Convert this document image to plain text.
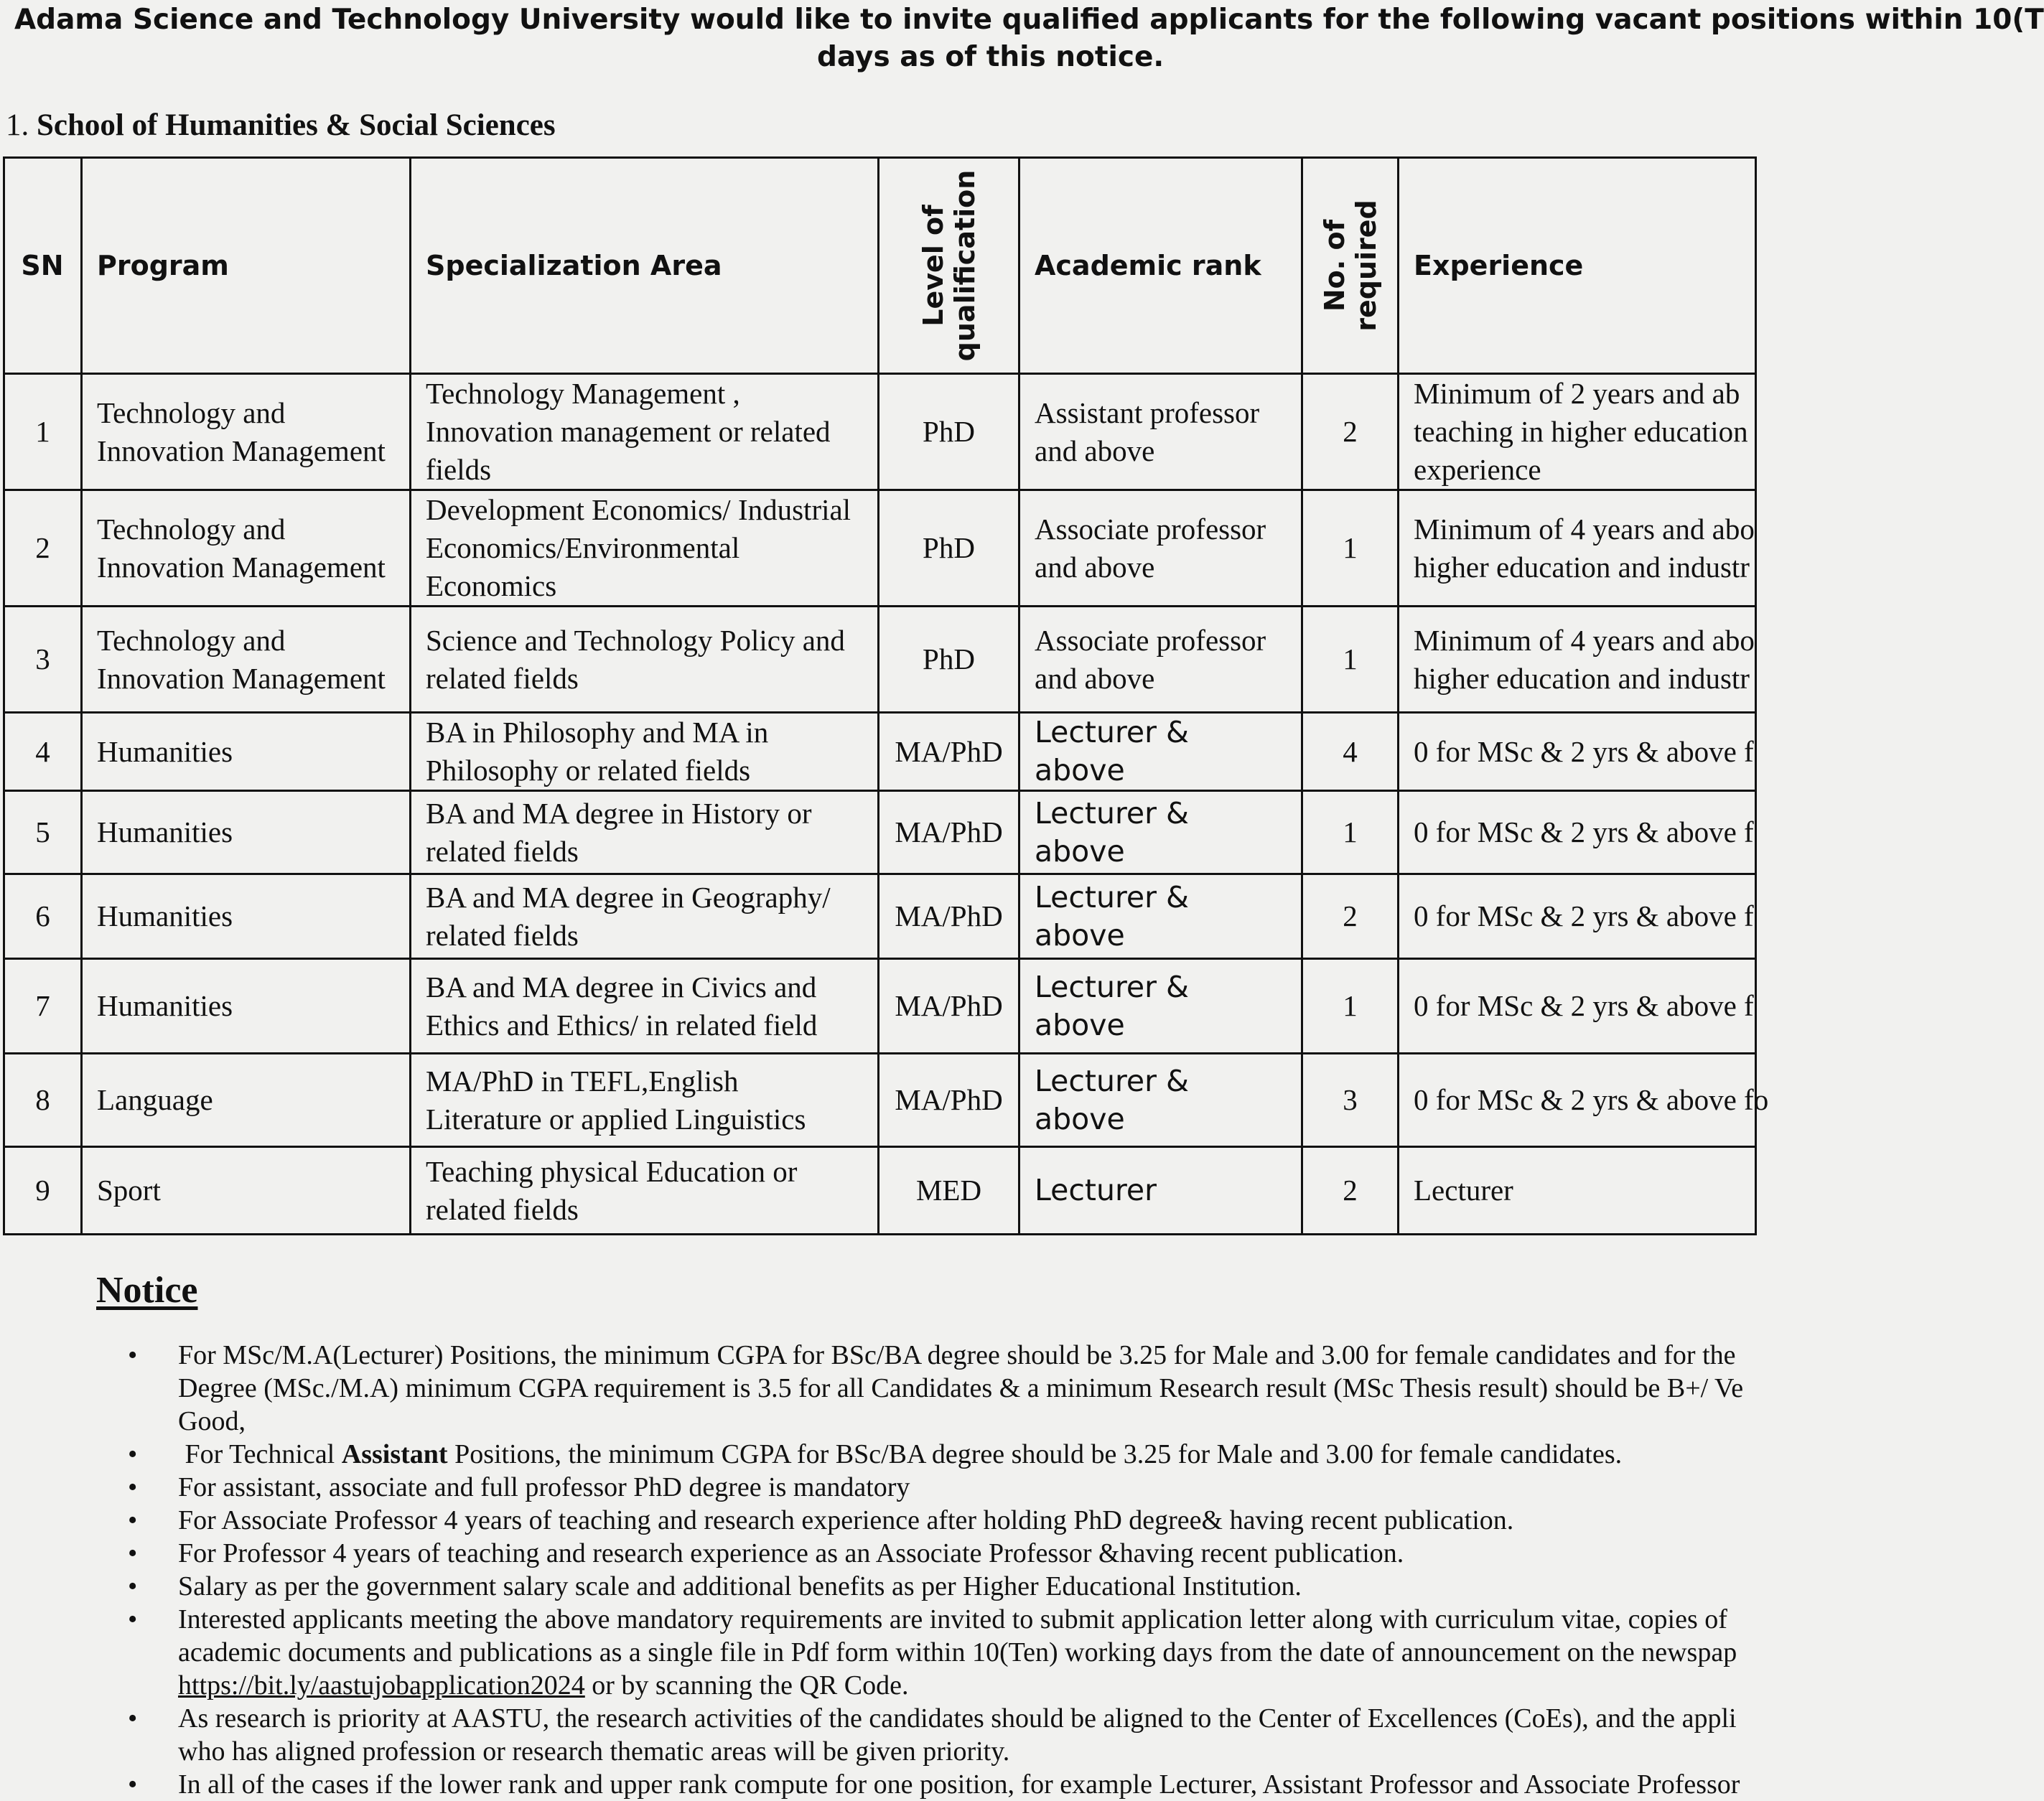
Adama Science and Technology University would like to invite qualified applicants for the following vacant positions within 10(T
days as of this notice.
1. School of Humanities & Social Sciences
SN	Program	Specialization Area	Level of qualification	Academic rank	No. of required	Experience
1	Technology and
Innovation Management	Technology Management ,
Innovation management or related
fields	PhD	Assistant professor
and above	2	Minimum of 2 years and ab
teaching in higher education
experience

2	Technology and
Innovation Management	Development Economics/ Industrial
Economics/Environmental
Economics	PhD	Associate professor
and above	1	Minimum of 4 years and abo
higher education and industr

3	Technology and
Innovation Management	Science and Technology Policy and
related fields	PhD	Associate professor
and above	1	Minimum of 4 years and abo
higher education and industr

4	Humanities	BA in Philosophy and MA in
Philosophy or related fields	MA/PhD	Lecturer & above	4	0 for MSc & 2 yrs & above f

5	Humanities	BA and MA degree in History or
related fields	MA/PhD	Lecturer & above	1	0 for MSc & 2 yrs & above f

6	Humanities	BA and MA degree in Geography/
related fields	MA/PhD	Lecturer & above	2	0 for MSc & 2 yrs & above f

7	Humanities	BA and MA degree in Civics and
Ethics and Ethics/ in related field	MA/PhD	Lecturer & above	1	0 for MSc & 2 yrs & above f

8	Language	MA/PhD in TEFL,English
Literature or applied Linguistics	MA/PhD	Lecturer & above	3	0 for MSc & 2 yrs & above fo

9	Sport	Teaching physical Education or
related fields	MED	Lecturer	2	Lecturer
Notice
• For MSc/M.A(Lecturer) Positions, the minimum CGPA for BSc/BA degree should be 3.25 for Male and 3.00 for female candidates and for the
Degree (MSc./M.A) minimum CGPA requirement is 3.5 for all Candidates & a minimum Research result (MSc Thesis result) should be B+/ Ve
Good,
•  For Technical Assistant Positions, the minimum CGPA for BSc/BA degree should be 3.25 for Male and 3.00 for female candidates.
• For assistant, associate and full professor PhD degree is mandatory
• For Associate Professor 4 years of teaching and research experience after holding PhD degree& having recent publication.
• For Professor 4 years of teaching and research experience as an Associate Professor &having recent publication.
• Salary as per the government salary scale and additional benefits as per Higher Educational Institution.
• Interested applicants meeting the above mandatory requirements are invited to submit application letter along with curriculum vitae, copies of
academic documents and publications as a single file in Pdf form within 10(Ten) working days from the date of announcement on the newspap
https://bit.ly/aastujobapplication2024 or by scanning the QR Code.
• As research is priority at AASTU, the research activities of the candidates should be aligned to the Center of Excellences (CoEs), and the appli
who has aligned profession or research thematic areas will be given priority.
• In all of the cases if the lower rank and upper rank compute for one position, for example Lecturer, Assistant Professor and Associate Professor
